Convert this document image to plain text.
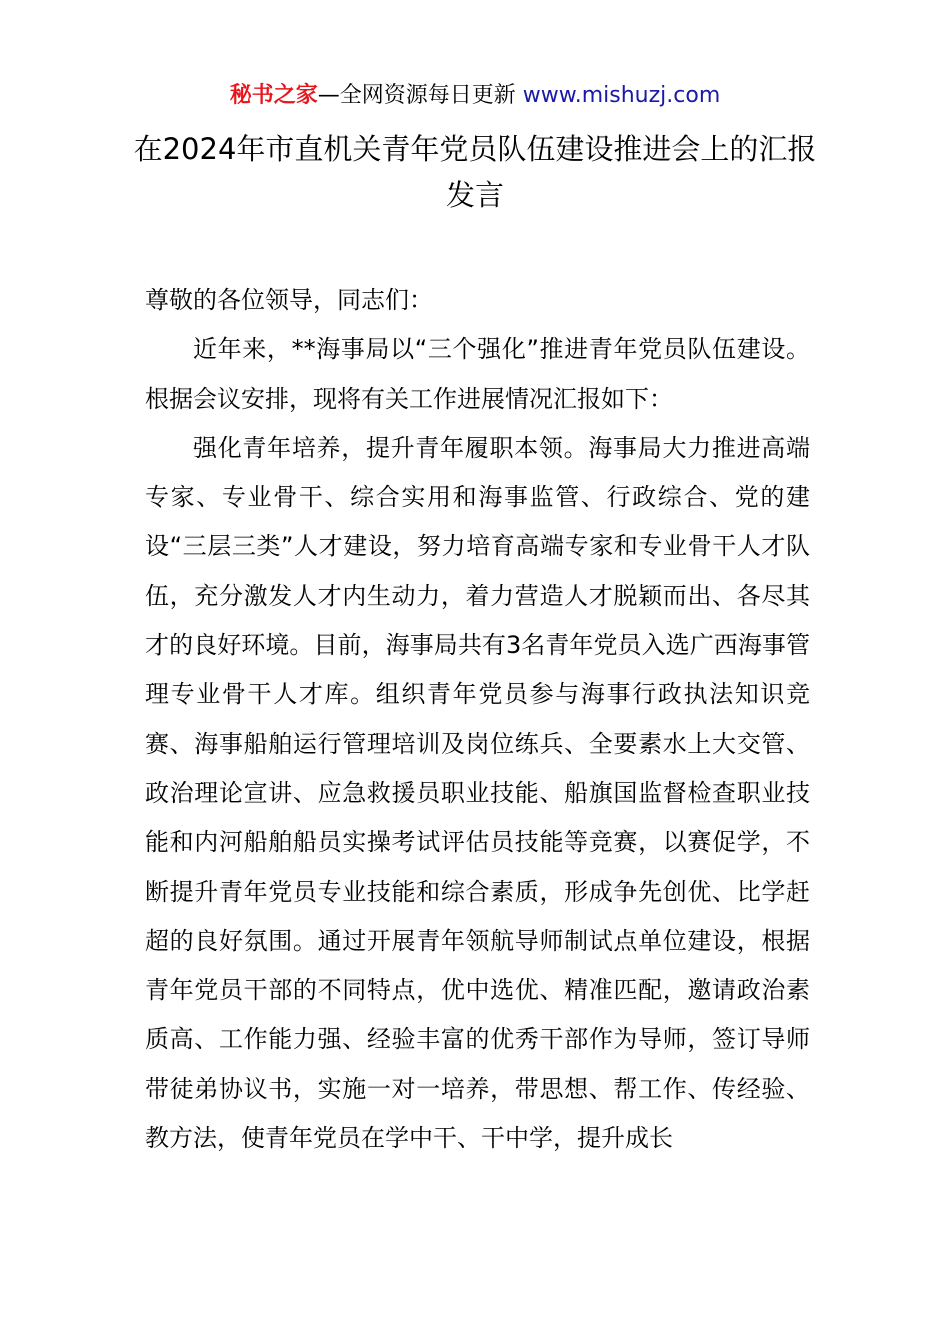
秘书之家—全网资源每日更新 www.mishuzj.com
在2024年市直机关青年党员队伍建设推进会上的汇报发言

尊敬的各位领导，同志们：

近年来，**海事局以“三个强化”推进青年党员队伍建设。根据会议安排，现将有关工作进展情况汇报如下：

强化青年培养，提升青年履职本领。海事局大力推进高端专家、专业骨干、综合实用和海事监管、行政综合、党的建设“三层三类”人才建设，努力培育高端专家和专业骨干人才队伍，充分激发人才内生动力，着力营造人才脱颖而出、各尽其才的良好环境。目前，海事局共有3名青年党员入选广西海事管理专业骨干人才库。组织青年党员参与海事行政执法知识竞赛、海事船舶运行管理培训及岗位练兵、全要素水上大交管、政治理论宣讲、应急救援员职业技能、船旗国监督检查职业技能和内河船舶船员实操考试评估员技能等竞赛，以赛促学，不断提升青年党员专业技能和综合素质，形成争先创优、比学赶超的良好氛围。通过开展青年领航导师制试点单位建设，根据青年党员干部的不同特点，优中选优、精准匹配，邀请政治素质高、工作能力强、经验丰富的优秀干部作为导师，签订导师带徒弟协议书，实施一对一培养，带思想、帮工作、传经验、教方法，使青年党员在学中干、干中学，提升成长
